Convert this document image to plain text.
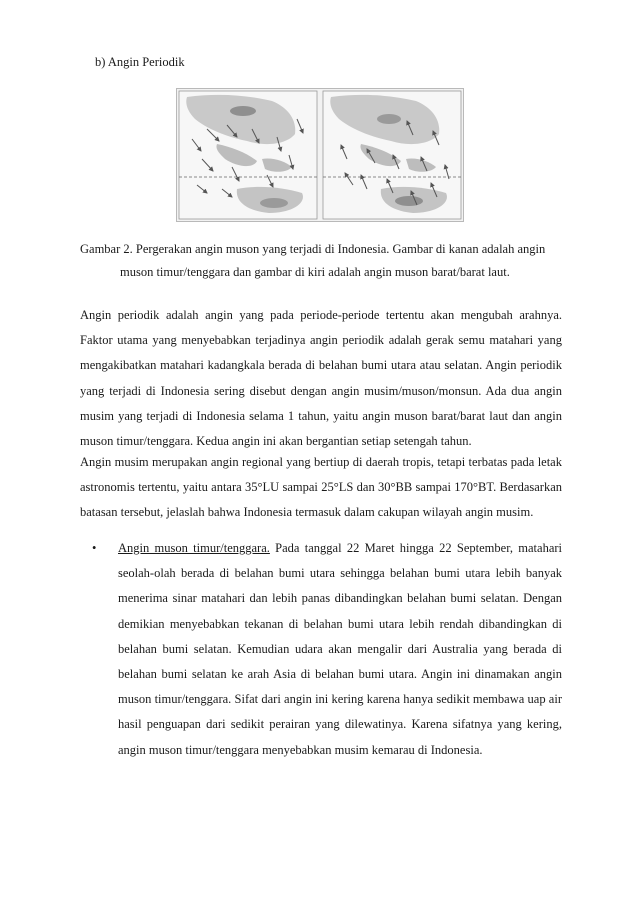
b) Angin Periodik
Gambar 2. Pergerakan angin muson yang terjadi di Indonesia. Gambar di kanan adalah angin
muson timur/tenggara dan gambar di kiri adalah angin muson barat/barat laut.

Angin periodik adalah angin yang pada periode-periode tertentu akan mengubah arahnya. Faktor utama yang menyebabkan terjadinya angin periodik adalah gerak semu matahari yang mengakibatkan matahari kadangkala berada di belahan bumi utara atau selatan. Angin periodik yang terjadi di Indonesia sering disebut dengan angin musim/muson/monsun. Ada dua angin musim yang terjadi di Indonesia selama 1 tahun, yaitu angin muson barat/barat laut dan angin muson timur/tenggara. Kedua angin ini akan bergantian setiap setengah tahun.

Angin musim merupakan angin regional yang bertiup di daerah tropis, tetapi terbatas pada letak astronomis tertentu, yaitu antara 35°LU sampai 25°LS dan 30°BB sampai 170°BT. Berdasarkan batasan tersebut, jelaslah bahwa Indonesia termasuk dalam cakupan wilayah angin musim.

• Angin muson timur/tenggara. Pada tanggal 22 Maret hingga 22 September, matahari seolah-olah berada di belahan bumi utara sehingga belahan bumi utara lebih banyak menerima sinar matahari dan lebih panas dibandingkan belahan bumi selatan. Dengan demikian menyebabkan tekanan di belahan bumi utara lebih rendah dibandingkan di belahan bumi selatan. Kemudian udara akan mengalir dari Australia yang berada di belahan bumi selatan ke arah Asia di belahan bumi utara. Angin ini dinamakan angin muson timur/tenggara. Sifat dari angin ini kering karena hanya sedikit membawa uap air hasil penguapan dari sedikit perairan yang dilewatinya. Karena sifatnya yang kering, angin muson timur/tenggara menyebabkan musim kemarau di Indonesia.
